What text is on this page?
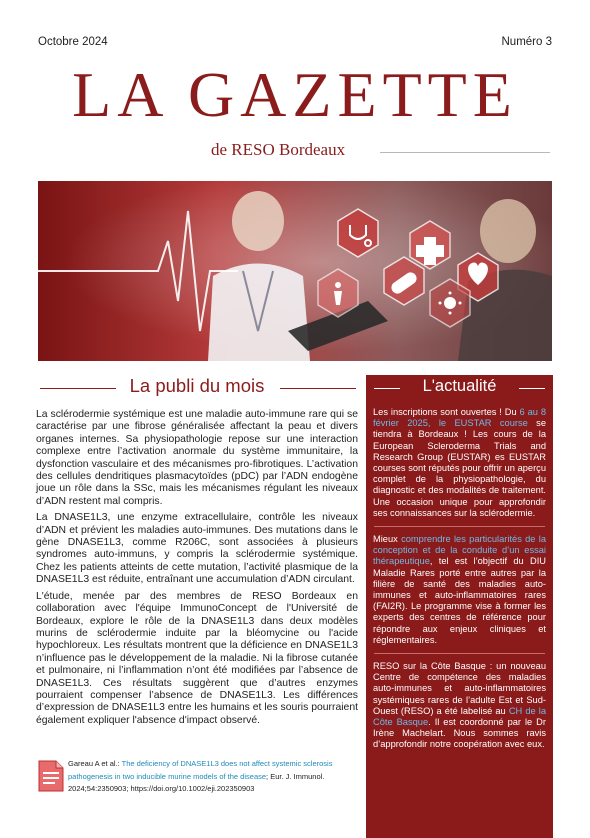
Octobre 2024	Numéro 3
LA GAZETTE
de RESO Bordeaux
La publi du mois

La sclérodermie systémique est une maladie auto-immune rare qui se caractérise par une fibrose généralisée affectant la peau et divers organes internes. Sa physiopathologie repose sur une interaction complexe entre l’activation anormale du système immunitaire, la dysfonction vasculaire et des mécanismes pro-fibrotiques. L’activation des cellules dendritiques plasmacytoïdes (pDC) par l’ADN endogène joue un rôle dans la SSc, mais les mécanismes régulant les niveaux d’ADN restent mal compris.

La DNASE1L3, une enzyme extracellulaire, contrôle les niveaux d’ADN et prévient les maladies auto-immunes. Des mutations dans le gène DNASE1L3, comme R206C, sont associées à plusieurs syndromes auto-immuns, y compris la sclérodermie systémique. Chez les patients atteints de cette mutation, l’activité plasmique de la DNASE1L3 est réduite, entraînant une accumulation d’ADN circulant.

L'étude, menée par des membres de RESO Bordeaux en collaboration avec l'équipe ImmunoConcept de l'Université de Bordeaux, explore le rôle de la DNASE1L3 dans deux modèles murins de sclérodermie induite par la bléomycine ou l'acide hypochloreux. Les résultats montrent que la déficience en DNASE1L3 n’influence pas le développement de la maladie. Ni la fibrose cutanée et pulmonaire, ni l’inflammation n’ont été modifiées par l’absence de DNASE1L3. Ces résultats suggèrent que d’autres enzymes pourraient compenser l’absence de DNASE1L3. Les différences d’expression de DNASE1L3 entre les humains et les souris pourraient également expliquer l'absence d'impact observé.

Gareau A et al.: The deficiency of DNASE1L3 does not affect systemic sclerosis pathogenesis in two inducible murine models of the disease; Eur. J. Immunol. 2024;54:2350903; https://doi.org/10.1002/eji.202350903
L'actualité

Les inscriptions sont ouvertes ! Du 6 au 8 février 2025, le EUSTAR course se tiendra à Bordeaux ! Les cours de la European Scleroderma Trials and Research Group (EUSTAR) es EUSTAR courses sont réputés pour offrir un aperçu complet de la physiopathologie, du diagnostic et des modalités de traitement. Une occasion unique pour approfondir ses connaissances sur la sclérodermie.

Mieux comprendre les particularités de la conception et de la conduite d’un essai thérapeutique, tel est l’objectif du DIU Maladie Rares porté entre autres par la filière de santé des maladies auto-immunes et auto-inflammatoires rares (FAI2R). Le programme vise à former les experts des centres de référence pour répondre aux enjeux cliniques et réglementaires.

RESO sur la Côte Basque : un nouveau Centre de compétence des maladies auto-immunes et auto-inflammatoires systémiques rares de l’adulte Est et Sud-Ouest (RESO) a été labelisé au CH de la Côte Basque. Il est coordonné par le Dr Irène Machelart. Nous sommes ravis d’approfondir notre coopération avec eux.
